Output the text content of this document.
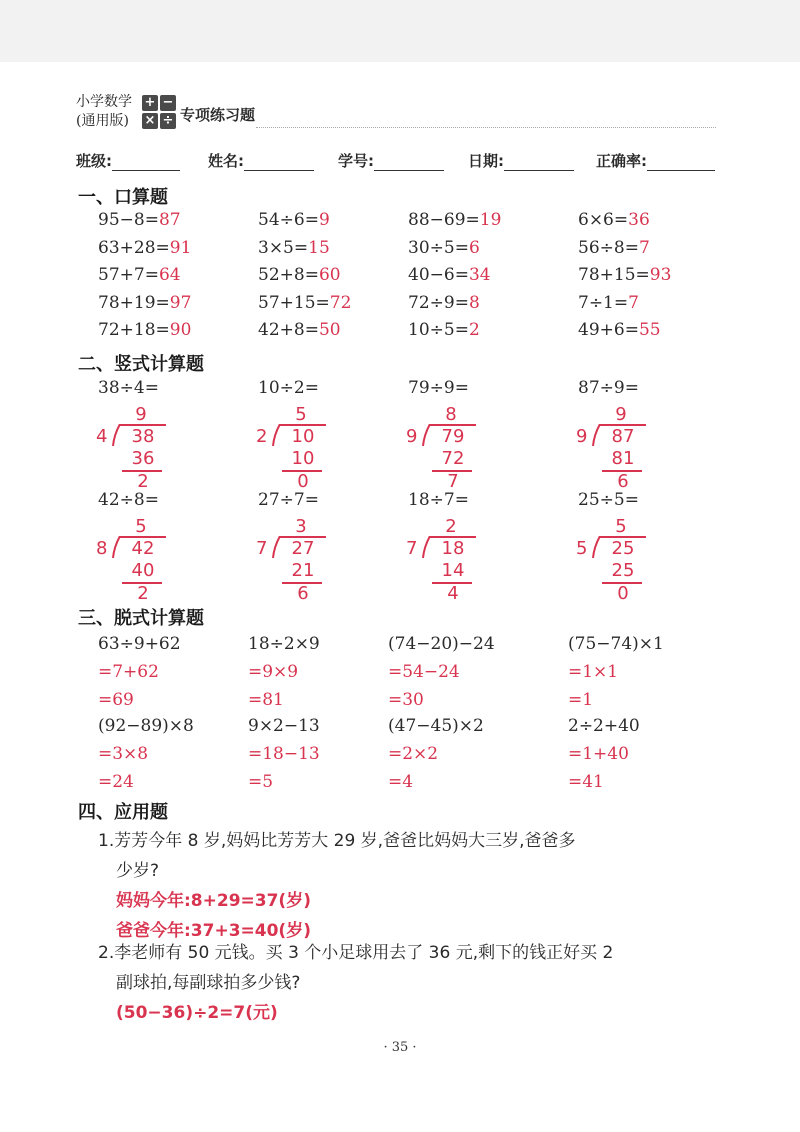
小学数学
(通用版)
+ −
× ÷ 专项练习题
班级:	姓名:	学号:	日期:	正确率:
一、口算题
95−8=87	54÷6=9	88−69=19	6×6=36
63+28=91	3×5=15	30÷5=6	56÷8=7
57+7=64	52+8=60	40−6=34	78+15=93
78+19=97	57+15=72	72÷9=8	7÷1=7
72+18=90	42+8=50	10÷5=2	49+6=55
二、竖式计算题
38÷4=
9
4	38
36
2
10÷2=
5
2	10
10
0
79÷9=
8
9	79
72
7
87÷9=
9
9	87
81
6
42÷8=
5
8	42
40
2
27÷7=
3
7	27
21
6
18÷7=
2
7	18
14
4
25÷5=
5
5	25
25
0
三、脱式计算题
63÷9+62
=7+62
=69
18÷2×9
=9×9
=81
(74−20)−24
=54−24
=30
(75−74)×1
=1×1
=1
(92−89)×8
=3×8
=24
9×2−13
=18−13
=5
(47−45)×2
=2×2
=4
2÷2+40
=1+40
=41
四、应用题
1.芳芳今年 8 岁,妈妈比芳芳大 29 岁,爸爸比妈妈大三岁,爸爸多
少岁?
妈妈今年:8+29=37(岁)
爸爸今年:37+3=40(岁)
2.李老师有 50 元钱。买 3 个小足球用去了 36 元,剩下的钱正好买 2
副球拍,每副球拍多少钱?
(50−36)÷2=7(元)
· 35 ·
